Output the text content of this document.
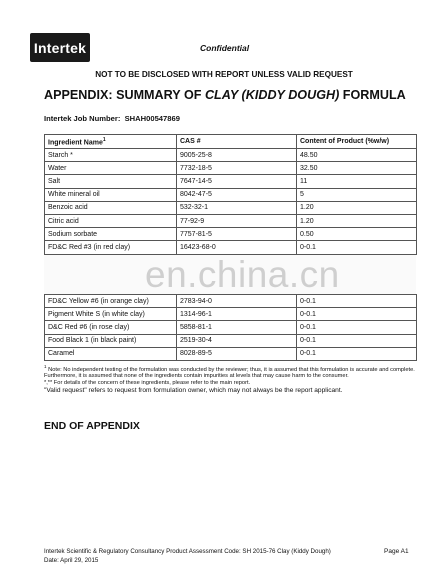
Intertek	Confidential
NOT TO BE DISCLOSED WITH REPORT UNLESS VALID REQUEST
APPENDIX: SUMMARY OF CLAY (KIDDY DOUGH) FORMULA
Intertek Job Number: SHAH00547869
Ingredient Name$^1$	CAS #	Content of Product (%w/w)
Starch *	9005-25-8	48.50
Water	7732-18-5	32.50
Salt	7647-14-5	11
White mineral oil	8042-47-5	5
Benzoic acid	532-32-1	1.20
Citric acid	77-92-9	1.20
Sodium sorbate	7757-81-5	0.50
FD&C Red #3 (in red clay)	16423-68-0	0-0.1
en.china.cn
FD&C Yellow #6 (in orange clay)	2783-94-0	0-0.1
Pigment White S (in white clay)	1314-96-1	0-0.1
D&C Red #6 (in rose clay)	5858-81-1	0-0.1
Food Black 1 (in black paint)	2519-30-4	0-0.1
Caramel	8028-89-5	0-0.1

$^1$ Note: No independent testing of the formulation was conducted by the reviewer; thus, it is assumed that this formulation is accurate and complete. Furthermore, it is assumed that none of the ingredients contain impurities at levels that may cause harm to the consumer.

*,** For details of the concern of these ingredients, please refer to the main report.

"Valid request" refers to request from formulation owner, which may not always be the report applicant.

END OF APPENDIX
Intertek Scientific & Regulatory Consultancy Product Assessment Code: SH 2015-76 Clay (Kiddy Dough)
Date: April 29, 2015
Page A1
